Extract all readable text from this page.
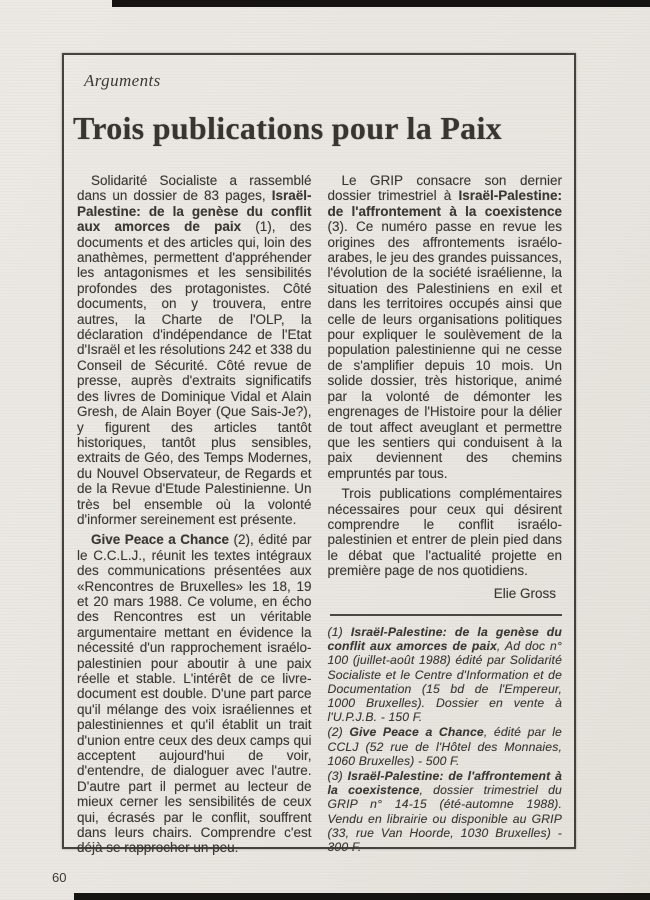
Arguments
Trois publications pour la Paix

Solidarité Socialiste a rassemblé dans un dossier de 83 pages, Israël-Palestine: de la genèse du conflit aux amorces de paix (1), des documents et des articles qui, loin des anathèmes, permettent d'appréhender les antagonismes et les sensibilités profondes des protagonistes. Côté documents, on y trouvera, entre autres, la Charte de l'OLP, la déclaration d'indépendance de l'Etat d'Israël et les résolutions 242 et 338 du Conseil de Sécurité. Côté revue de presse, auprès d'extraits significatifs des livres de Dominique Vidal et Alain Gresh, de Alain Boyer (Que Sais-Je?), y figurent des articles tantôt historiques, tantôt plus sensibles, extraits de Géo, des Temps Modernes, du Nouvel Observateur, de Regards et de la Revue d'Etude Palestinienne. Un très bel ensemble où la volonté d'informer sereinement est présente.

Give Peace a Chance (2), édité par le C.C.L.J., réunit les textes intégraux des communications présentées aux «Rencontres de Bruxelles» les 18, 19 et 20 mars 1988. Ce volume, en écho des Rencontres est un véritable argumentaire mettant en évidence la nécessité d'un rapprochement israélo-palestinien pour aboutir à une paix réelle et stable. L'intérêt de ce livre-document est double. D'une part parce qu'il mélange des voix israéliennes et palestiniennes et qu'il établit un trait d'union entre ceux des deux camps qui acceptent aujourd'hui de voir, d'entendre, de dialoguer avec l'autre. D'autre part il permet au lecteur de mieux cerner les sensibilités de ceux qui, écrasés par le conflit, souffrent dans leurs chairs. Comprendre c'est déjà se rapprocher un peu.

Le GRIP consacre son dernier dossier trimestriel à Israël-Palestine: de l'affrontement à la coexistence (3). Ce numéro passe en revue les origines des affrontements israélo-arabes, le jeu des grandes puissances, l'évolution de la société israélienne, la situation des Palestiniens en exil et dans les territoires occupés ainsi que celle de leurs organisations politiques pour expliquer le soulèvement de la population palestinienne qui ne cesse de s'amplifier depuis 10 mois. Un solide dossier, très historique, animé par la volonté de démonter les engrenages de l'Histoire pour la délier de tout affect aveuglant et permettre que les sentiers qui conduisent à la paix deviennent des chemins empruntés par tous.

Trois publications complémentaires nécessaires pour ceux qui désirent comprendre le conflit israélo-palestinien et entrer de plein pied dans le débat que l'actualité projette en première page de nos quotidiens.

Elie Gross

(1) Israël-Palestine: de la genèse du conflit aux amorces de paix, Ad doc n° 100 (juillet-août 1988) édité par Solidarité Socialiste et le Centre d'Information et de Documentation (15 bd de l'Empereur, 1000 Bruxelles). Dossier en vente à l'U.P.J.B. - 150 F.

(2) Give Peace a Chance, édité par le CCLJ (52 rue de l'Hôtel des Monnaies, 1060 Bruxelles) - 500 F.

(3) Israël-Palestine: de l'affrontement à la coexistence, dossier trimestriel du GRIP n° 14-15 (été-automne 1988). Vendu en librairie ou disponible au GRIP (33, rue Van Hoorde, 1030 Bruxelles) - 300 F.

60
